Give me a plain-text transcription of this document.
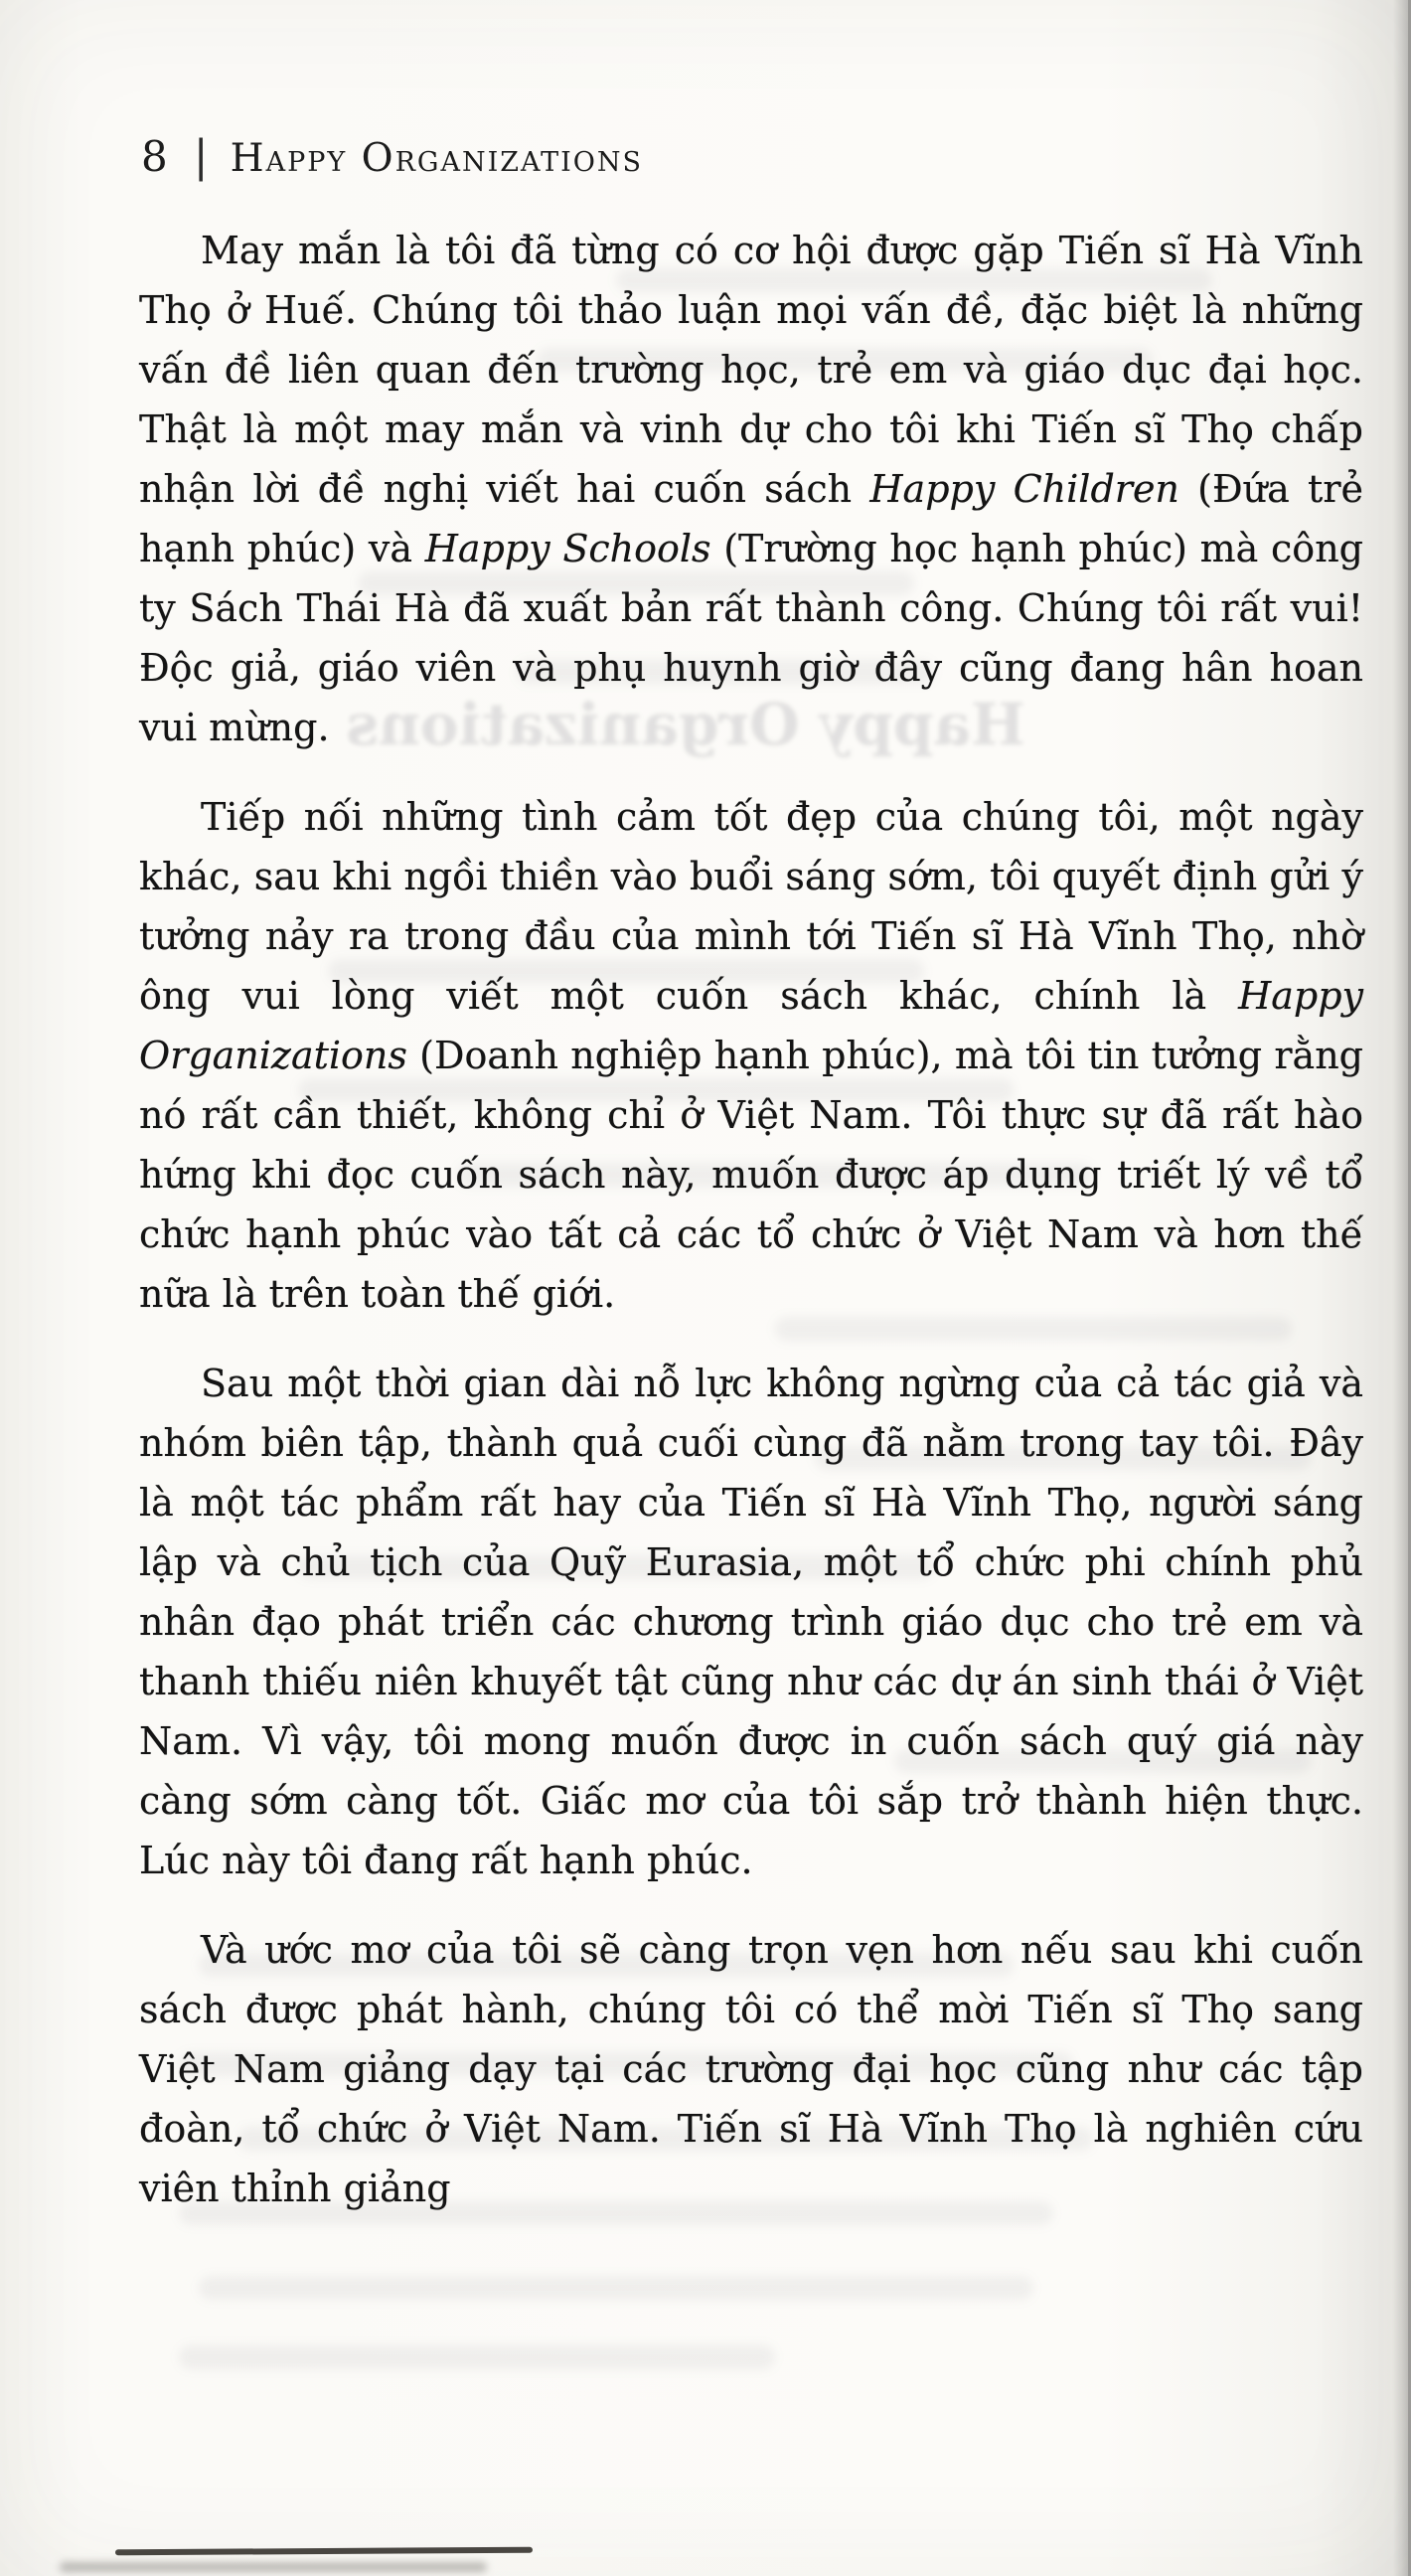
Happy Organizations
8 | Happy Organizations

May mắn là tôi đã từng có cơ hội được gặp Tiến sĩ Hà Vĩnh Thọ ở Huế. Chúng tôi thảo luận mọi vấn đề, đặc biệt là những vấn đề liên quan đến trường học, trẻ em và giáo dục đại học. Thật là một may mắn và vinh dự cho tôi khi Tiến sĩ Thọ chấp nhận lời đề nghị viết hai cuốn sách Happy Children (Đứa trẻ hạnh phúc) và Happy Schools (Trường học hạnh phúc) mà công ty Sách Thái Hà đã xuất bản rất thành công. Chúng tôi rất vui! Độc giả, giáo viên và phụ huynh giờ đây cũng đang hân hoan vui mừng.

Tiếp nối những tình cảm tốt đẹp của chúng tôi, một ngày khác, sau khi ngồi thiền vào buổi sáng sớm, tôi quyết định gửi ý tưởng nảy ra trong đầu của mình tới Tiến sĩ Hà Vĩnh Thọ, nhờ ông vui lòng viết một cuốn sách khác, chính là Happy Organizations (Doanh nghiệp hạnh phúc), mà tôi tin tưởng rằng nó rất cần thiết, không chỉ ở Việt Nam. Tôi thực sự đã rất hào hứng khi đọc cuốn sách này, muốn được áp dụng triết lý về tổ chức hạnh phúc vào tất cả các tổ chức ở Việt Nam và hơn thế nữa là trên toàn thế giới.

Sau một thời gian dài nỗ lực không ngừng của cả tác giả và nhóm biên tập, thành quả cuối cùng đã nằm trong tay tôi. Đây là một tác phẩm rất hay của Tiến sĩ Hà Vĩnh Thọ, người sáng lập và chủ tịch của Quỹ Eurasia, một tổ chức phi chính phủ nhân đạo phát triển các chương trình giáo dục cho trẻ em và thanh thiếu niên khuyết tật cũng như các dự án sinh thái ở Việt Nam. Vì vậy, tôi mong muốn được in cuốn sách quý giá này càng sớm càng tốt. Giấc mơ của tôi sắp trở thành hiện thực. Lúc này tôi đang rất hạnh phúc.

Và ước mơ của tôi sẽ càng trọn vẹn hơn nếu sau khi cuốn sách được phát hành, chúng tôi có thể mời Tiến sĩ Thọ sang Việt Nam giảng dạy tại các trường đại học cũng như các tập đoàn, tổ chức ở Việt Nam. Tiến sĩ Hà Vĩnh Thọ là nghiên cứu viên thỉnh giảng
